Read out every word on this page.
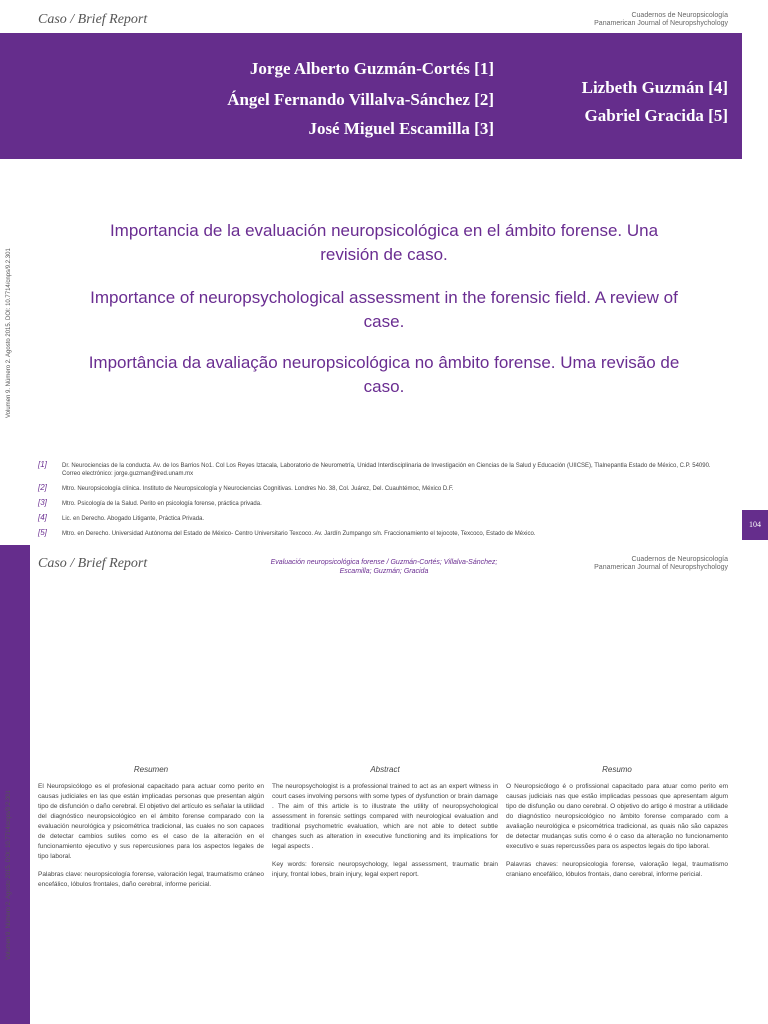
Caso / Brief Report	Cuadernos de Neuropsicología
Panamerican Journal of Neuropshychology
Jorge Alberto Guzmán-Cortés [1]
Ángel Fernando Villalva-Sánchez [2]
José Miguel Escamilla [3]
Lizbeth Guzmán [4]
Gabriel Gracida [5]
Volumen 9. Número 2. Agosto 2015. DOI: 10.7714/cnps/9.2.301
Importancia de la evaluación neuropsicológica en el ámbito forense. Una revisión de caso.
Importance of neuropsychological assessment in the forensic field. A review of case.
Importância da avaliação neuropsicológica no âmbito forense. Uma revisão de caso.
[1]	Dr. Neurociencias de la conducta. Av. de los Barrios No1. Col Los Reyes Iztacala, Laboratorio de Neurometría, Unidad Interdisciplinaria de Investigación en Ciencias de la Salud y Educación (UIICSE), Tlalnepantla Estado de México, C.P. 54090. Correo electrónico: jorge.guzman@ired.unam.mx
[2]	Mtro. Neuropsicología clínica. Instituto de Neuropsicología y Neurociencias Cognitivas. Londres No. 38, Col. Juárez, Del. Cuauhtémoc, México D.F.
[3]	Mtro. Psicología de la Salud. Perito en psicología forense, práctica privada.
[4]	Lic. en Derecho. Abogado Litigante, Práctica Privada.
[5]	Mtro. en Derecho. Universidad Autónoma del Estado de México- Centro Universitario Texcoco. Av. Jardín Zumpango s/n. Fraccionamiento el tejocote, Texcoco, Estado de México.
104
Caso / Brief Report	Evaluación neuropsicológica forense / Guzmán-Cortés; Villalva-Sánchez; Escamilla; Guzmán; Gracida
Cuadernos de Neuropsicología
Panamerican Journal of Neuropshychology
Volumen 9. Número 2. Agosto 2015. DOI: 10.7714/cnps/9.2.301
Resumen

El Neuropsicólogo es el profesional capacitado para actuar como perito en causas judiciales en las que están implicadas personas que presentan algún tipo de disfunción o daño cerebral. El objetivo del artículo es señalar la utilidad del diagnóstico neuropsicológico en el ámbito forense comparado con la evaluación neurológica y psicométrica tradicional, las cuales no son capaces de detectar cambios sutiles como es el caso de la alteración en el funcionamiento ejecutivo y sus repercusiones para los aspectos legales de tipo laboral.

Palabras clave: neuropsicología forense, valoración legal, traumatismo cráneo encefálico, lóbulos frontales, daño cerebral, informe pericial.

Abstract

The neuropsychologist is a professional trained to act as an expert witness in court cases involving persons with some types of dysfunction or brain damage . The aim of this article is to illustrate the utility of neuropsychological assessment in forensic settings compared with neurological evaluation and traditional psychometric evaluation, which are not able to detect subtle changes such as alteration in executive functioning and its implications for legal aspects .

Key words: forensic neuropsychology, legal assessment, traumatic brain injury, frontal lobes, brain injury, legal expert report.

Resumo

O Neuropsicólogo é o profissional capacitado para atuar como perito em causas judiciais nas que estão implicadas pessoas que apresentam algum tipo de disfunção ou dano cerebral. O objetivo do artigo é mostrar a utilidade do diagnóstico neuropsicológico no âmbito forense comparado com a avaliação neurológica e psicométrica tradicional, as quais não são capazes de detectar mudanças sutis como é o caso da alteração no funcionamento executivo e suas repercussões para os aspectos legais do tipo laboral.

Palavras chaves: neuropsicologia forense, valoração legal, traumatismo craniano encefálico, lóbulos frontais, dano cerebral, informe pericial.
